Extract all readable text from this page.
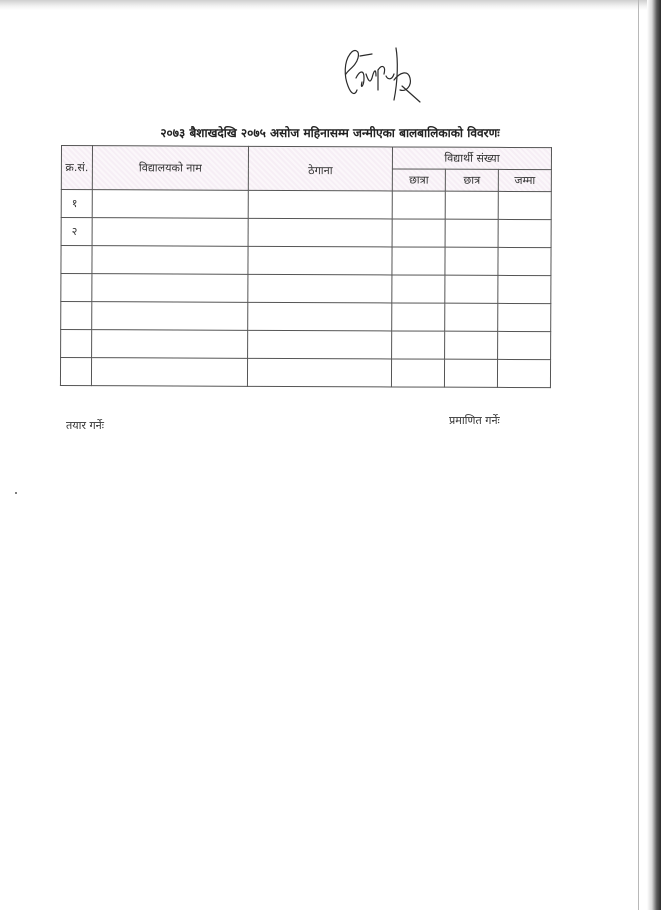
२०७३ बैशाखदेखि २०७५ असोज महिनासम्म जन्मीएका बालबालिकाको विवरणः
क्र.सं.	विद्यालयको नाम	ठेगाना	विद्यार्थी संख्या		
			छात्रा	छात्र	जम्मा
१					
२					

तयार गर्नेः	प्रमाणित गर्नेः
